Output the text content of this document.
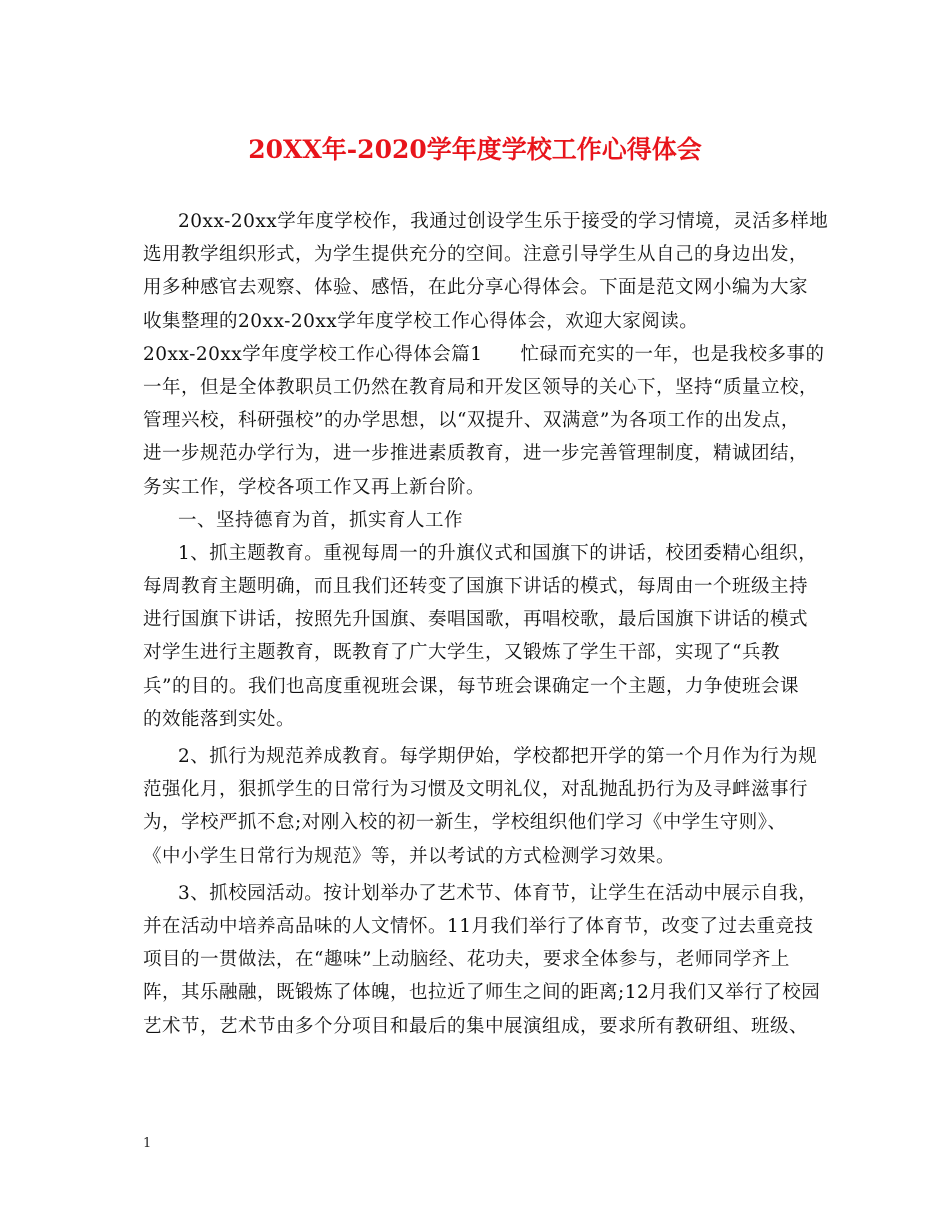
20XX年-2020学年度学校工作心得体会
20xx-20xx学年度学校作，我通过创设学生乐于接受的学习情境，灵活多样地
选用教学组织形式，为学生提供充分的空间。注意引导学生从自己的身边出发，
用多种感官去观察、体验、感悟，在此分享心得体会。下面是范文网小编为大家
收集整理的20xx-20xx学年度学校工作心得体会，欢迎大家阅读。
20xx-20xx学年度学校工作心得体会篇1　　忙碌而充实的一年，也是我校多事的
一年，但是全体教职员工仍然在教育局和开发区领导的关心下，坚持“质量立校，
管理兴校，科研强校”的办学思想，以“双提升、双满意”为各项工作的出发点，
进一步规范办学行为，进一步推进素质教育，进一步完善管理制度，精诚团结，
务实工作，学校各项工作又再上新台阶。
一、坚持德育为首，抓实育人工作
1、抓主题教育。重视每周一的升旗仪式和国旗下的讲话，校团委精心组织，
每周教育主题明确，而且我们还转变了国旗下讲话的模式，每周由一个班级主持
进行国旗下讲话，按照先升国旗、奏唱国歌，再唱校歌，最后国旗下讲话的模式
对学生进行主题教育，既教育了广大学生，又锻炼了学生干部，实现了“兵教
兵”的目的。我们也高度重视班会课，每节班会课确定一个主题，力争使班会课
的效能落到实处。
2、抓行为规范养成教育。每学期伊始，学校都把开学的第一个月作为行为规
范强化月，狠抓学生的日常行为习惯及文明礼仪，对乱抛乱扔行为及寻衅滋事行
为，学校严抓不怠;对刚入校的初一新生，学校组织他们学习《中学生守则》、
《中小学生日常行为规范》等，并以考试的方式检测学习效果。
3、抓校园活动。按计划举办了艺术节、体育节，让学生在活动中展示自我，
并在活动中培养高品味的人文情怀。11月我们举行了体育节，改变了过去重竞技
项目的一贯做法，在“趣味”上动脑经、花功夫，要求全体参与，老师同学齐上
阵，其乐融融，既锻炼了体魄，也拉近了师生之间的距离;12月我们又举行了校园
艺术节，艺术节由多个分项目和最后的集中展演组成，要求所有教研组、班级、
1
